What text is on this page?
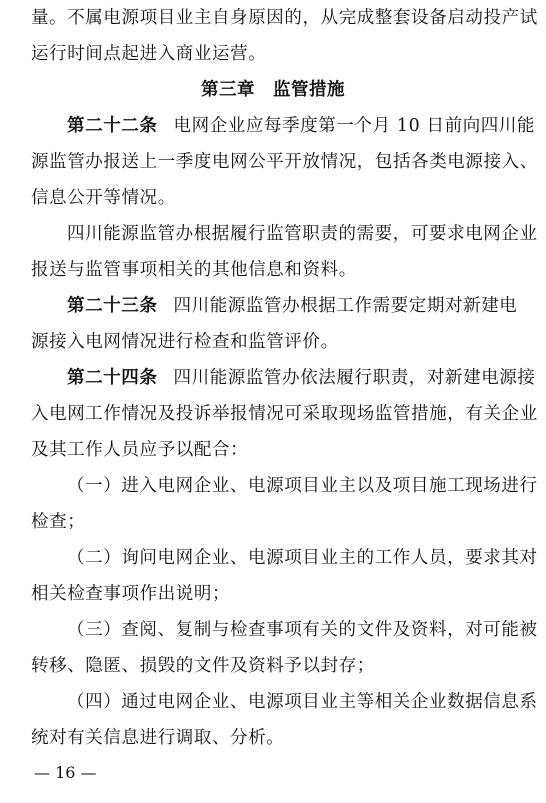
量。不属电源项目业主自身原因的，从完成整套设备启动投产试
运行时间点起进入商业运营。
第三章　监管措施
第二十二条 电网企业应每季度第一个月 10 日前向四川能
源监管办报送上一季度电网公平开放情况，包括各类电源接入、
信息公开等情况。
四川能源监管办根据履行监管职责的需要，可要求电网企业
报送与监管事项相关的其他信息和资料。
第二十三条 四川能源监管办根据工作需要定期对新建电
源接入电网情况进行检查和监管评价。
第二十四条 四川能源监管办依法履行职责，对新建电源接
入电网工作情况及投诉举报情况可采取现场监管措施，有关企业
及其工作人员应予以配合：
（一）进入电网企业、电源项目业主以及项目施工现场进行
检查；
（二）询问电网企业、电源项目业主的工作人员，要求其对
相关检查事项作出说明；
（三）查阅、复制与检查事项有关的文件及资料，对可能被
转移、隐匿、损毁的文件及资料予以封存；
（四）通过电网企业、电源项目业主等相关企业数据信息系
统对有关信息进行调取、分析。
— 16 —
